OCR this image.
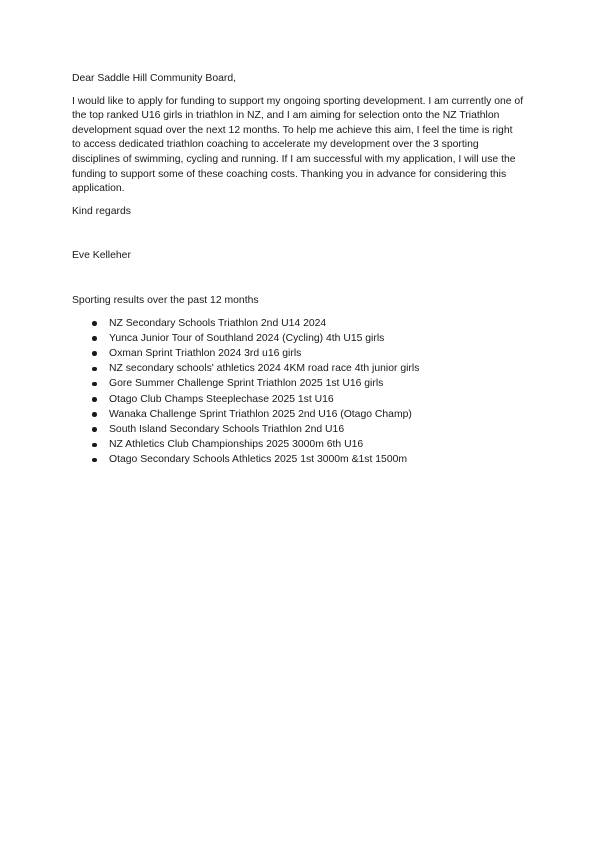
Dear Saddle Hill Community Board,

I would like to apply for funding to support my ongoing sporting development. I am currently one of the top ranked U16 girls in triathlon in NZ, and I am aiming for selection onto the NZ Triathlon development squad over the next 12 months. To help me achieve this aim, I feel the time is right to access dedicated triathlon coaching to accelerate my development over the 3 sporting disciplines of swimming, cycling and running. If I am successful with my application, I will use the funding to support some of these coaching costs. Thanking you in advance for considering this application.

Kind regards

Eve Kelleher

Sporting results over the past 12 months

NZ Secondary Schools Triathlon 2nd U14 2024
Yunca Junior Tour of Southland 2024 (Cycling) 4th U15 girls
Oxman Sprint Triathlon 2024 3rd u16 girls
NZ secondary schools' athletics 2024 4KM road race 4th junior girls
Gore Summer Challenge Sprint Triathlon 2025 1st U16 girls
Otago Club Champs Steeplechase 2025 1st U16
Wanaka Challenge Sprint Triathlon 2025 2nd U16 (Otago Champ)
South Island Secondary Schools Triathlon 2nd U16
NZ Athletics Club Championships 2025 3000m 6th U16
Otago Secondary Schools Athletics 2025 1st 3000m &1st 1500m
